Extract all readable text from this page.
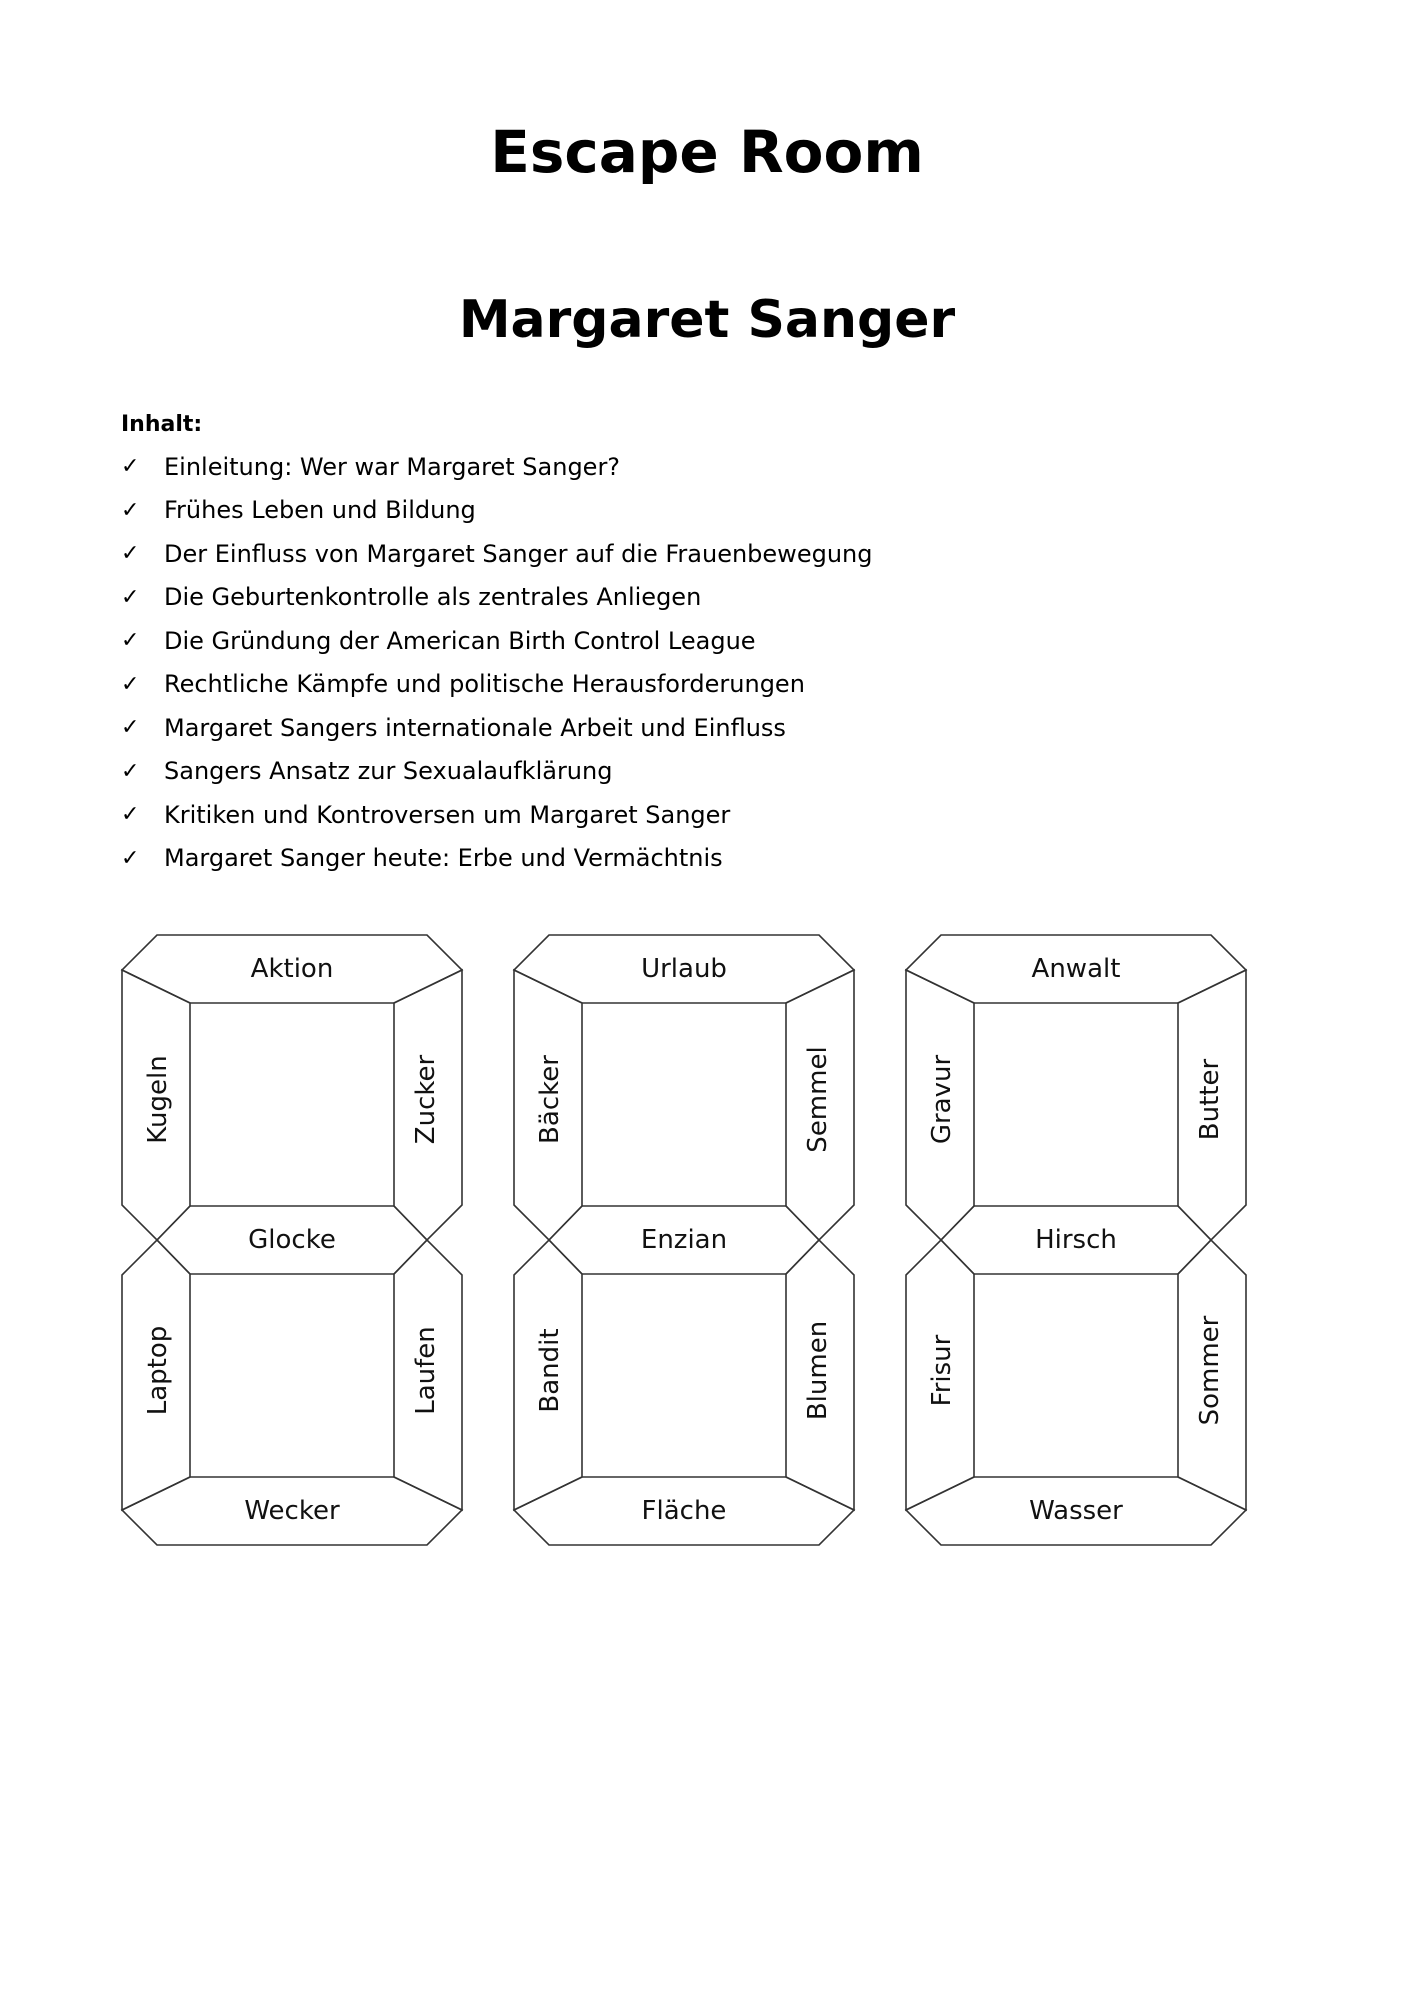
Escape Room
Margaret Sanger
Inhalt:
✓	Einleitung: Wer war Margaret Sanger?
✓	Frühes Leben und Bildung
✓	Der Einfluss von Margaret Sanger auf die Frauenbewegung
✓	Die Geburtenkontrolle als zentrales Anliegen
✓	Die Gründung der American Birth Control League
✓	Rechtliche Kämpfe und politische Herausforderungen
✓	Margaret Sangers internationale Arbeit und Einfluss
✓	Sangers Ansatz zur Sexualaufklärung
✓	Kritiken und Kontroversen um Margaret Sanger
✓	Margaret Sanger heute: Erbe und Vermächtnis
Aktion
Kugeln	Zucker
Glocke
Laptop	Laufen
Wecker
Urlaub
Bäcker	Semmel
Enzian
Bandit	Blumen
Fläche
Anwalt
Gravur	Butter
Hirsch
Frisur	Sommer
Wasser
